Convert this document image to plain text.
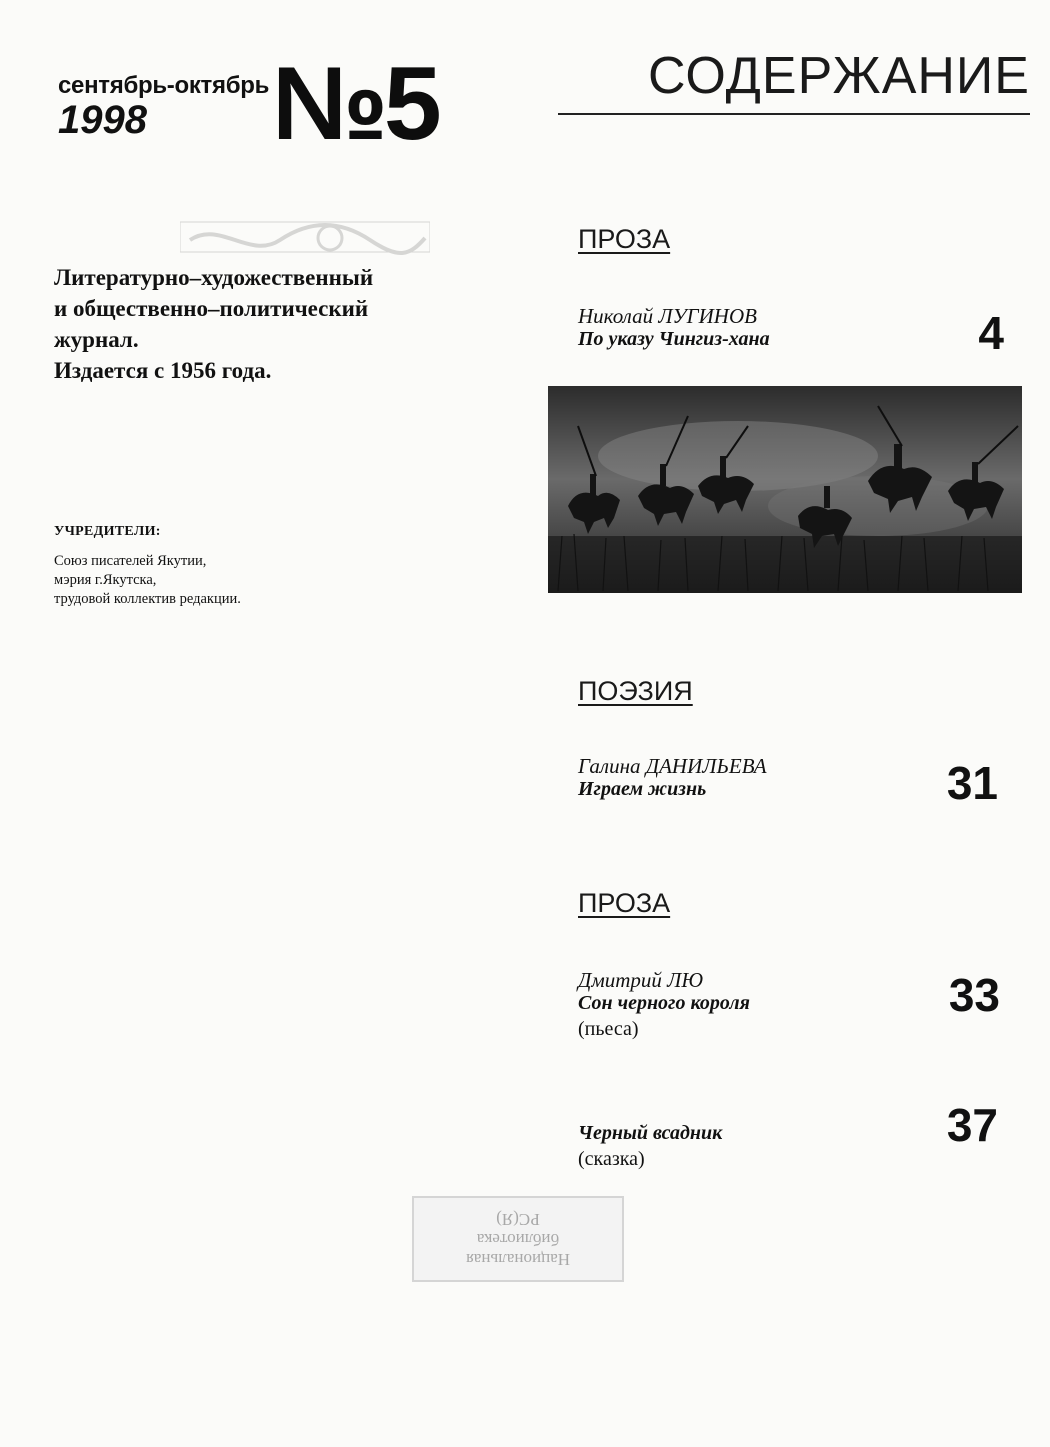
сентябрь-октябрь
1998 №5
Литературно–художественный
и общественно–политический
журнал.
Издается с 1956 года.
УЧРЕДИТЕЛИ:
Союз писателей Якутии,
мэрия г.Якутска,
трудовой коллектив редакции.
СОДЕРЖАНИЕ
ПРОЗА
Николай ЛУГИНОВ
По указу Чингиз-хана	4
ПОЭЗИЯ
Галина ДАНИЛЬЕВА
Играем жизнь	31
ПРОЗА
Дмитрий ЛЮ
Сон черного короля
(пьеса)
33
Черный всадник
(сказка)
37
Национальная
библиотека
РС(Я)
